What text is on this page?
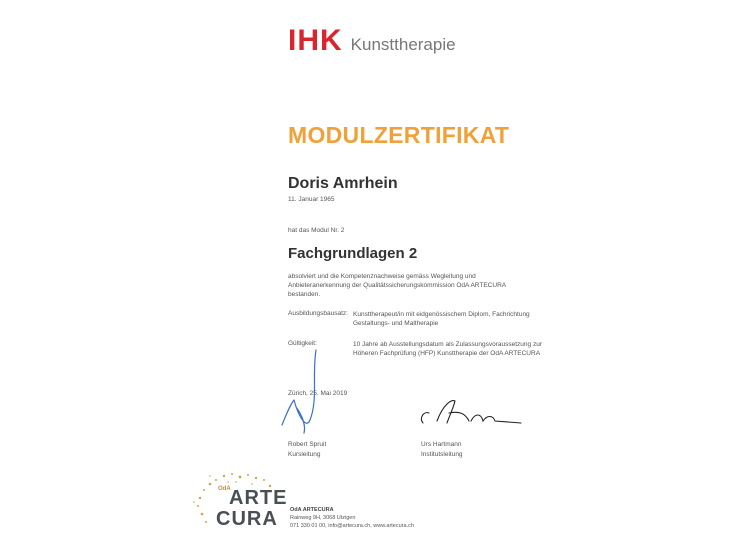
IHK Kunsttherapie
MODULZERTIFIKAT
Doris Amrhein
11. Januar 1965
hat das Modul Nr. 2
Fachgrundlagen 2
absolviert und die Kompetenznachweise gemäss Wegleitung und Anbieteranerkennung der Qualitätssicherungskommission OdA ARTECURA bestanden.
Ausbildungsbausatz: Kunsttherapeut/in mit eidgenössischem Diplom, Fachrichtung Gestaltungs- und Maltherapie
Gültigkeit:	10 Jahre ab Ausstellungsdatum als Zulassungsvoraussetzung zur Höheren Fachprüfung (HFP) Kunsttherapie der OdA ARTECURA
Zürich, 25. Mai 2019
Robert Spruit
Kursleitung
Urs Hartmann
Institutsleitung
OdA
ARTE
CURA OdA ARTECURA
Rainweg 9H, 3068 Utzigen
071 330 01 00, info@artecura.ch, www.artecura.ch
